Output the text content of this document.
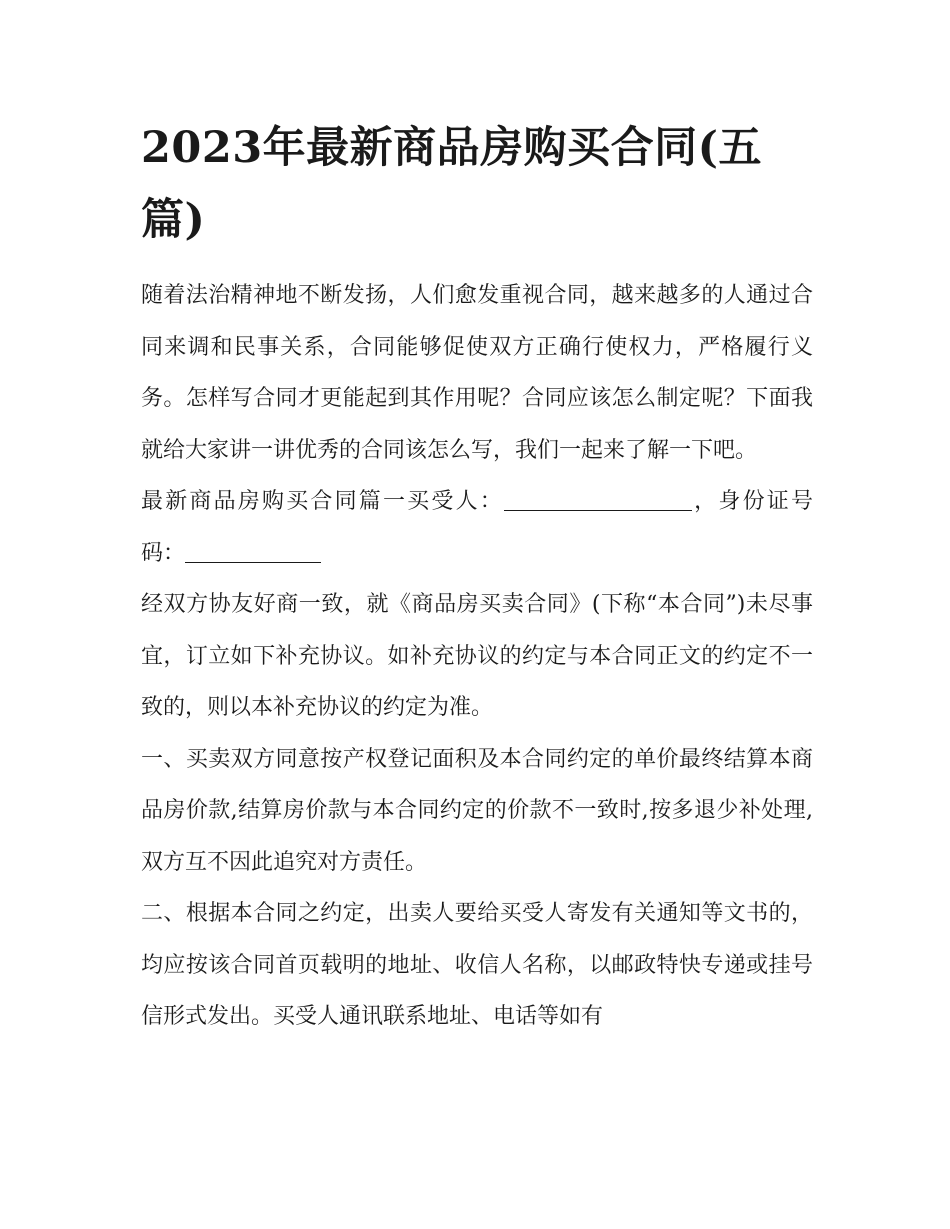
2023年最新商品房购买合同(五篇)

随着法治精神地不断发扬，人们愈发重视合同，越来越多的人通过合同来调和民事关系，合同能够促使双方正确行使权力，严格履行义务。怎样写合同才更能起到其作用呢？合同应该怎么制定呢？下面我就给大家讲一讲优秀的合同该怎么写，我们一起来了解一下吧。

最新商品房购买合同篇一买受人：	，身份证号码：

经双方协友好商一致，就《商品房买卖合同》(下称“本合同”)未尽事宜，订立如下补充协议。如补充协议的约定与本合同正文的约定不一致的，则以本补充协议的约定为准。

一、买卖双方同意按产权登记面积及本合同约定的单价最终结算本商品房价款,结算房价款与本合同约定的价款不一致时,按多退少补处理,双方互不因此追究对方责任。

二、根据本合同之约定，出卖人要给买受人寄发有关通知等文书的，均应按该合同首页载明的地址、收信人名称，以邮政特快专递或挂号信形式发出。买受人通讯联系地址、电话等如有
